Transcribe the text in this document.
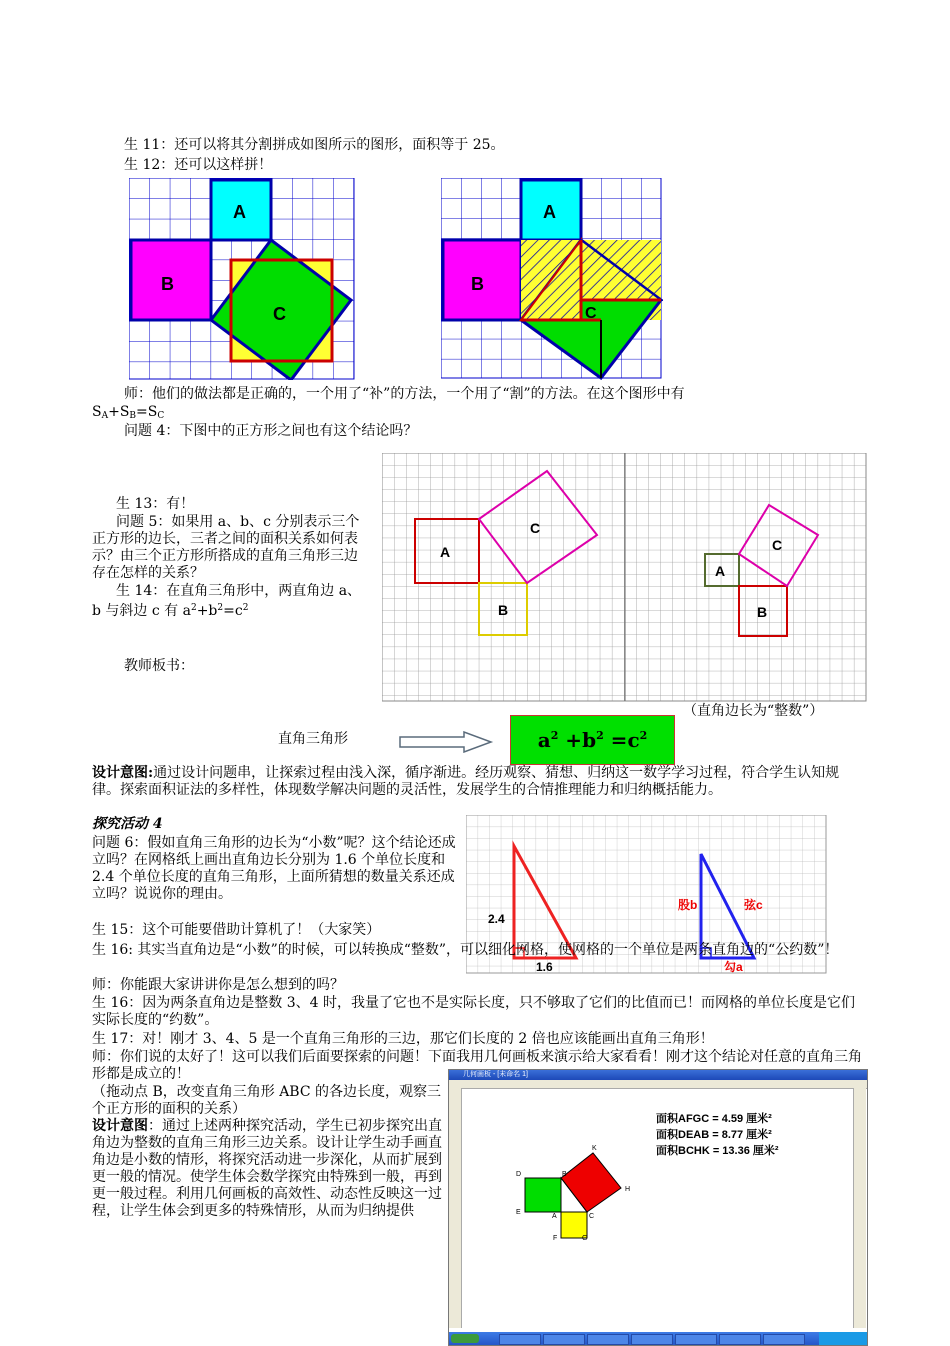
生 11：还可以将其分割拼成如图所示的图形，面积等于 25。
生 12：还可以这样拼！
A
B
C
A
B
C
师：他们的做法都是正确的，一个用了“补”的方法，一个用了“割”的方法。在这个图形中有
$S_A+S_B=S_C$
问题 4：下图中的正方形之间也有这个结论吗？
A
B
C
A
B
C
生 13：有！
问题 5：如果用 a、b、c 分别表示三个正方形的边长，三者之间的面积关系如何表示？由三个正方形所搭成的直角三角形三边存在怎样的关系？
生 14：在直角三角形中，两直角边 a、b 与斜边 c 有 $a^2+b^2=c^2$
教师板书：
（直角边长为“整数”）
直角三角形	$a^2 +b^2 =c^2$
设计意图:通过设计问题串，让探索过程由浅入深，循序渐进。经历观察、猜想、归纳这一数学学习过程，符合学生认知规律。探索面积证法的多样性，体现数学解决问题的灵活性，发展学生的合情推理能力和归纳概括能力。
探究活动 4
2.4
1.6
股b	弦c
勾a
问题 6：假如直角三角形的边长为“小数”呢？这个结论还成立吗？在网格纸上画出直角边长分别为 1.6 个单位长度和 2.4 个单位长度的直角三角形，上面所猜想的数量关系还成立吗？说说你的理由。
生 15：这个可能要借助计算机了！（大家笑）
生 16: 其实当直角边是“小数”的时候，可以转换成“整数”，可以细化网格，使网格的一个单位是两条直角边的“公约数”！
师：你能跟大家讲讲你是怎么想到的吗？
生 16：因为两条直角边是整数 3、4 时，我量了它也不是实际长度，只不够取了它们的比值而已！而网格的单位长度是它们实际长度的“约数”。
生 17：对！刚才 3、4、5 是一个直角三角形的三边，那它们长度的 2 倍也应该能画出直角三角形！
师：你们说的太好了！这可以我们后面要探索的问题！下面我用几何画板来演示给大家看看！刚才这个结论对任意的直角三角形都是成立的！
（拖动点 B，改变直角三角形 ABC 的各边长度，观察三个正方形的面积的关系）
设计意图：通过上述两种探究活动，学生已初步探究出直角边为整数的直角三角形三边关系。设计让学生动手画直角边是小数的情形，将探究活动进一步深化，从而扩展到更一般的情况。使学生体会数学探究由特殊到一般，再到更一般过程。利用几何画板的高效性、动态性反映这一过程，让学生体会到更多的特殊情形，从而为归纳提供
几何画板 - [未命名 1]
面积AFGC = 4.59 厘米²
面积DEAB = 8.77 厘米²
面积BCHK = 13.36 厘米²
D
E
B
A	C
F	G
H
K
